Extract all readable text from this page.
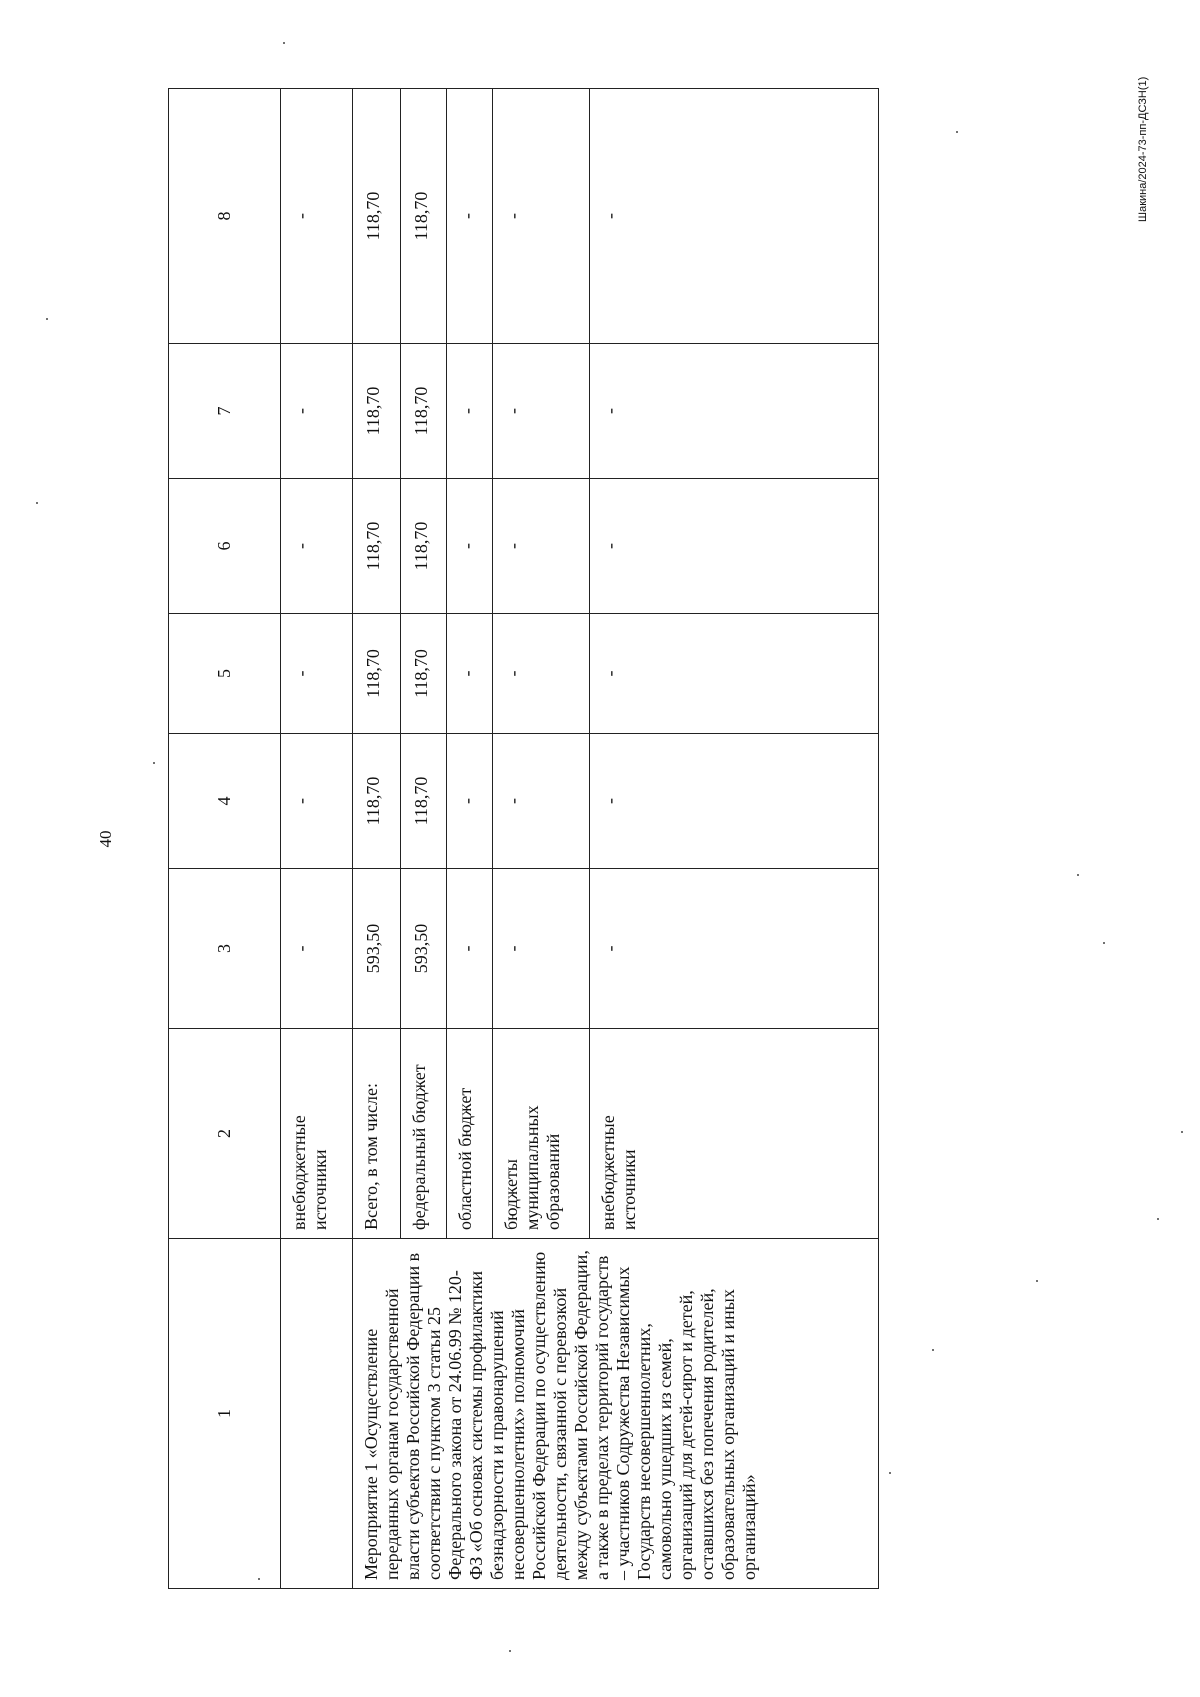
40
Шакина/2024-73-пп-ДСЗН(1)
1	2	3	4	5	6	7	8
	внебюджетные источники	-	-	-	-	-	-
Мероприятие 1 «Осуществление переданных органам государственной власти субъектов Российской Федерации в соответствии с пунктом 3 статьи 25 Федерального закона от 24.06.99 № 120-ФЗ «Об основах системы профилактики безнадзорности и правонарушений несовершеннолетних» полномочий Российской Федерации по осуществлению деятельности, связанной с перевозкой между субъектами Российской Федерации, а также в пределах территорий государств – участников Содружества Независимых Государств несовершеннолетних, самовольно ушедших из семей, организаций для детей-сирот и детей, оставшихся без попечения родителей, образовательных организаций и иных организаций»	Всего, в том числе:	593,50	118,70	118,70	118,70	118,70	118,70
	федеральный бюджет	593,50	118,70	118,70	118,70	118,70	118,70
	областной бюджет	-	-	-	-	-	-
	бюджеты муниципальных образований	-	-	-	-	-	-
	внебюджетные источники	-	-	-	-	-	-
